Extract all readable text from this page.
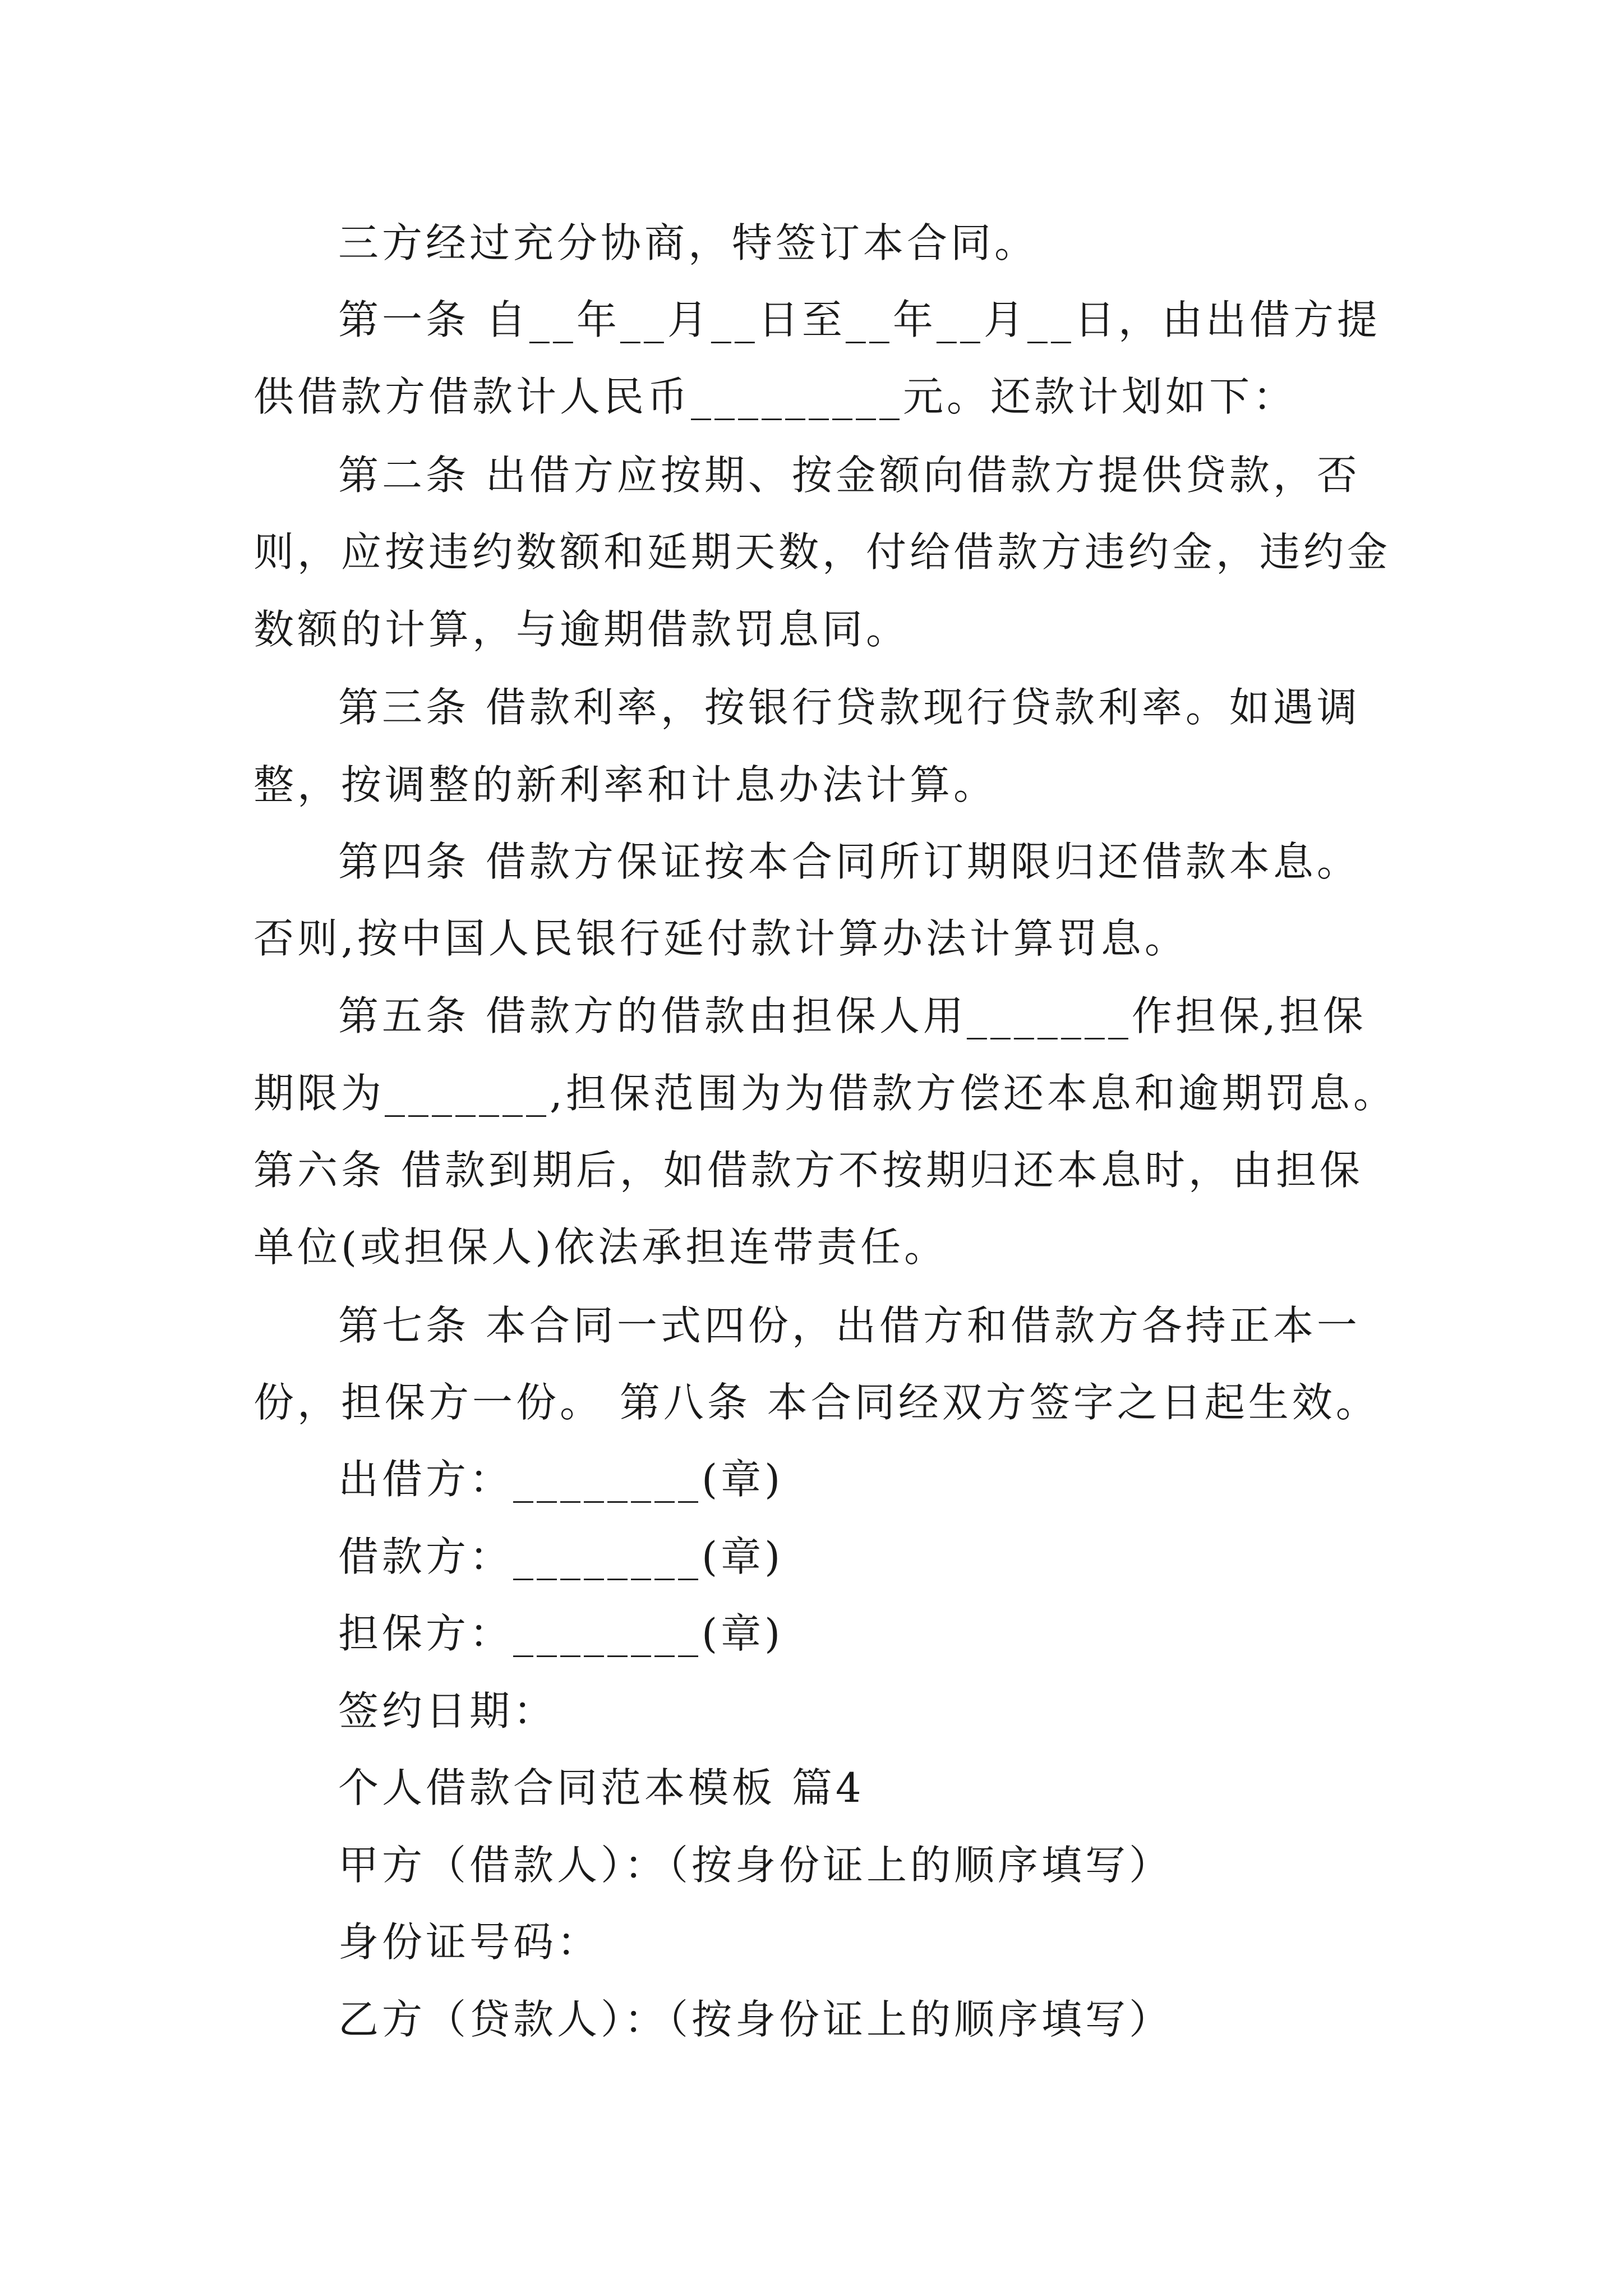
三方经过充分协商，特签订本合同。

第一条 自__年__月__日至__年__月__日，由出借方提

供借款方借款计人民币_________元。还款计划如下：

第二条 出借方应按期、按金额向借款方提供贷款，否

则，应按违约数额和延期天数，付给借款方违约金，违约金

数额的计算，与逾期借款罚息同。

第三条 借款利率，按银行贷款现行贷款利率。如遇调

整，按调整的新利率和计息办法计算。

第四条 借款方保证按本合同所订期限归还借款本息。

否则,按中国人民银行延付款计算办法计算罚息。

第五条 借款方的借款由担保人用_______作担保,担保

期限为_______,担保范围为为借款方偿还本息和逾期罚息。

第六条 借款到期后，如借款方不按期归还本息时，由担保

单位(或担保人)依法承担连带责任。

第七条 本合同一式四份，出借方和借款方各持正本一

份，担保方一份。 第八条 本合同经双方签字之日起生效。

出借方：________(章)

借款方：________(章)

担保方：________(章)

签约日期：

个人借款合同范本模板 篇4

甲方（借款人）：（按身份证上的顺序填写）

身份证号码：

乙方（贷款人）：（按身份证上的顺序填写）
